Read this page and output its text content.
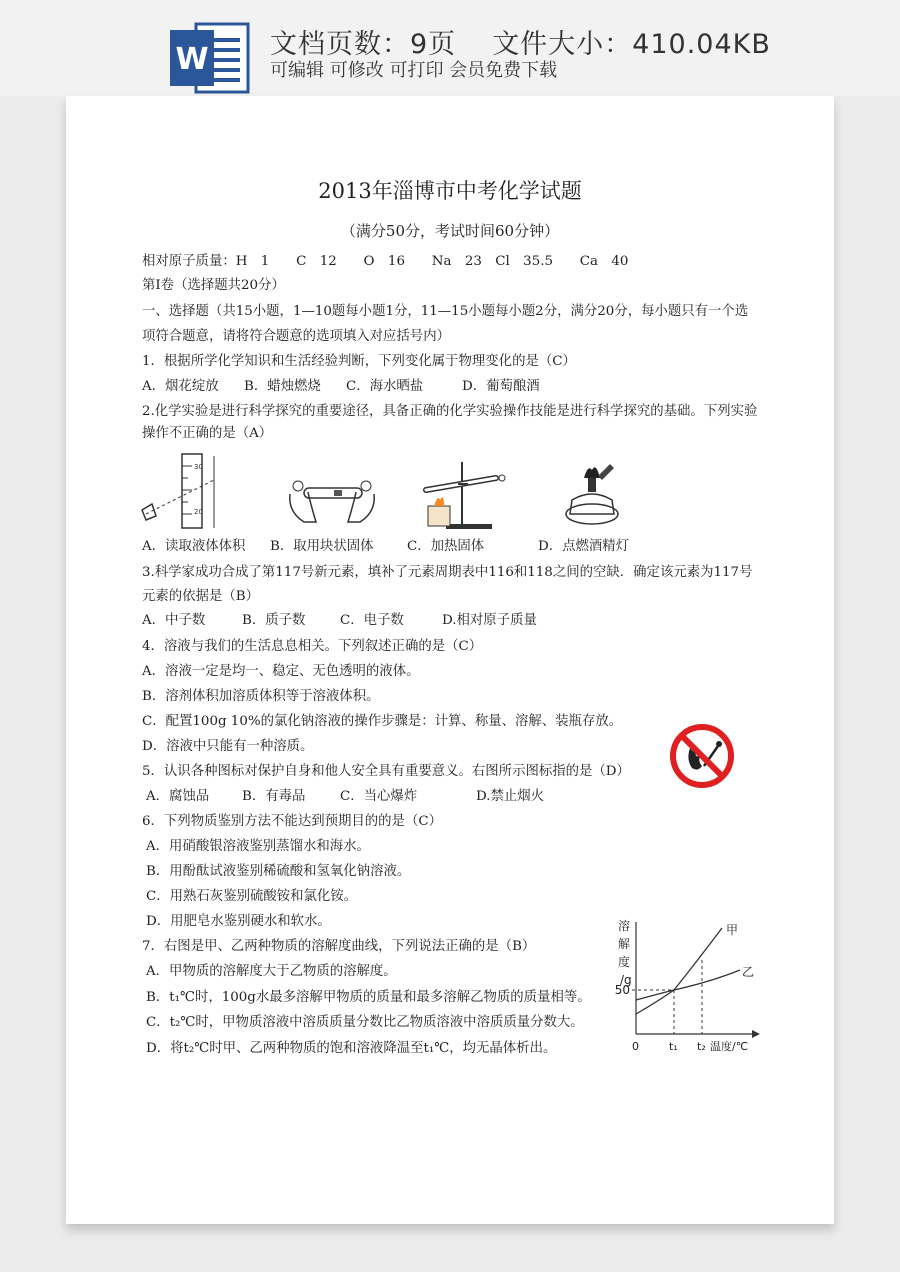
W 文档页数：9页 文件大小：410.04KB
可编辑 可修改 可打印 会员免费下载
2013年淄博市中考化学试题
（满分50分，考试时间60分钟）
相对原子质量：H　1　　C　12　　O　16　　Na　23　Cl　35.5　　Ca　40
第Ⅰ卷（选择题共20分）
一、选择题（共15小题，1—10题每小题1分，11—15小题每小题2分，满分20分，每小题只有一个选
项符合题意，请将符合题意的选项填入对应括号内）
1．根据所学化学知识和生活经验判断，下列变化属于物理变化的是（C）
A．烟花绽放 B．蜡烛燃烧 C．海水晒盐	D．葡萄酿酒
2.化学实验是进行科学探究的重要途径，具备正确的化学实验操作技能是进行科学探究的基础。下列实验
操作不正确的是（A）
30
20
A．读取液体体积 B．取用块状固体 C．加热固体	D．点燃酒精灯
3.科学家成功合成了第117号新元素，填补了元素周期表中116和118之间的空缺．确定该元素为117号
元素的依据是（B）
A．中子数	B．质子数	C．电子数	D.相对原子质量
4．溶液与我们的生活息息相关。下列叙述正确的是（C）
A．溶液一定是均一、稳定、无色透明的液体。
B．溶剂体积加溶质体积等于溶液体积。
C．配置100g 10%的氯化钠溶液的操作步骤是：计算、称量、溶解、装瓶存放。
D．溶液中只能有一种溶质。
5．认识各种图标对保护自身和他人安全具有重要意义。右图所示图标指的是（D）
A．腐蚀品 B．有毒品	C．当心爆炸	D.禁止烟火
6．下列物质鉴别方法不能达到预期目的的是（C）
A．用硝酸银溶液鉴别蒸馏水和海水。
B．用酚酞试液鉴别稀硫酸和氢氧化钠溶液。
C．用熟石灰鉴别硫酸铵和氯化铵。
D．用肥皂水鉴别硬水和软水。
7．右图是甲、乙两种物质的溶解度曲线，下列说法正确的是（B）
A．甲物质的溶解度大于乙物质的溶解度。
B．t₁℃时，100g水最多溶解甲物质的质量和最多溶解乙物质的质量相等。
C．t₂℃时，甲物质溶液中溶质质量分数比乙物质溶液中溶质质量分数大。
D．将t₂℃时甲、乙两种物质的饱和溶液降温至t₁℃，均无晶体析出。
溶
解
度
/g
50
甲
乙
0	t₁ t₂ 温度/℃
